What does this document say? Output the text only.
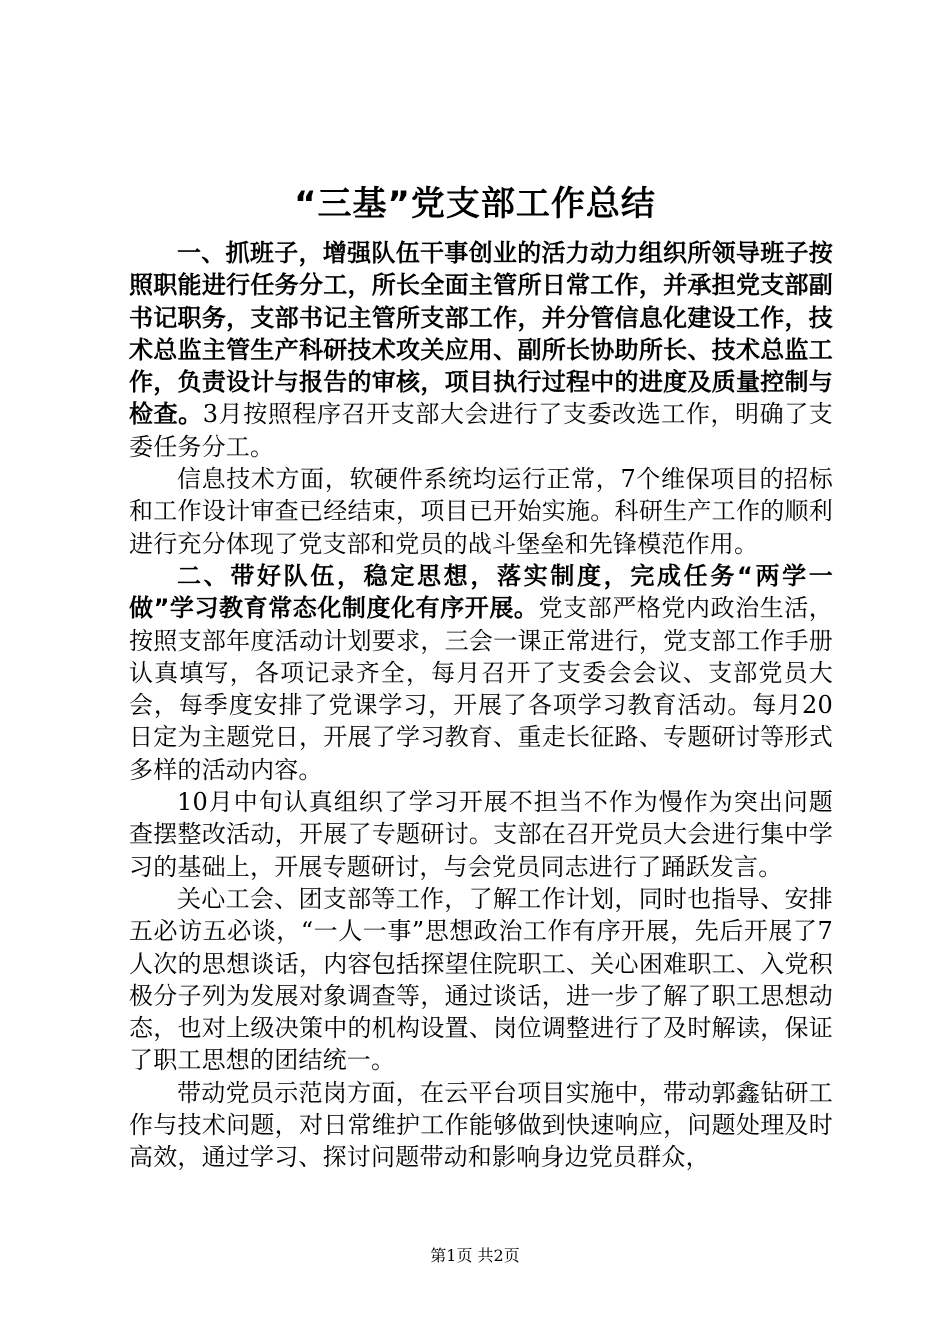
“三基”党支部工作总结

一、抓班子，增强队伍干事创业的活力动力组织所领导班子按照职能进行任务分工，所长全面主管所日常工作，并承担党支部副书记职务，支部书记主管所支部工作，并分管信息化建设工作，技术总监主管生产科研技术攻关应用、副所长协助所长、技术总监工作，负责设计与报告的审核，项目执行过程中的进度及质量控制与检查。3月按照程序召开支部大会进行了支委改选工作，明确了支委任务分工。

信息技术方面，软硬件系统均运行正常，7个维保项目的招标和工作设计审查已经结束，项目已开始实施。科研生产工作的顺利进行充分体现了党支部和党员的战斗堡垒和先锋模范作用。

二、带好队伍，稳定思想，落实制度，完成任务“两学一做”学习教育常态化制度化有序开展。党支部严格党内政治生活，按照支部年度活动计划要求，三会一课正常进行，党支部工作手册认真填写，各项记录齐全，每月召开了支委会会议、支部党员大会，每季度安排了党课学习，开展了各项学习教育活动。每月20日定为主题党日，开展了学习教育、重走长征路、专题研讨等形式多样的活动内容。

10月中旬认真组织了学习开展不担当不作为慢作为突出问题查摆整改活动，开展了专题研讨。支部在召开党员大会进行集中学习的基础上，开展专题研讨，与会党员同志进行了踊跃发言。

关心工会、团支部等工作，了解工作计划，同时也指导、安排五必访五必谈，“一人一事”思想政治工作有序开展，先后开展了7人次的思想谈话，内容包括探望住院职工、关心困难职工、入党积极分子列为发展对象调查等，通过谈话，进一步了解了职工思想动态，也对上级决策中的机构设置、岗位调整进行了及时解读，保证了职工思想的团结统一。

带动党员示范岗方面，在云平台项目实施中，带动郭鑫钻研工作与技术问题，对日常维护工作能够做到快速响应，问题处理及时高效，通过学习、探讨问题带动和影响身边党员群众，

第1页 共2页
